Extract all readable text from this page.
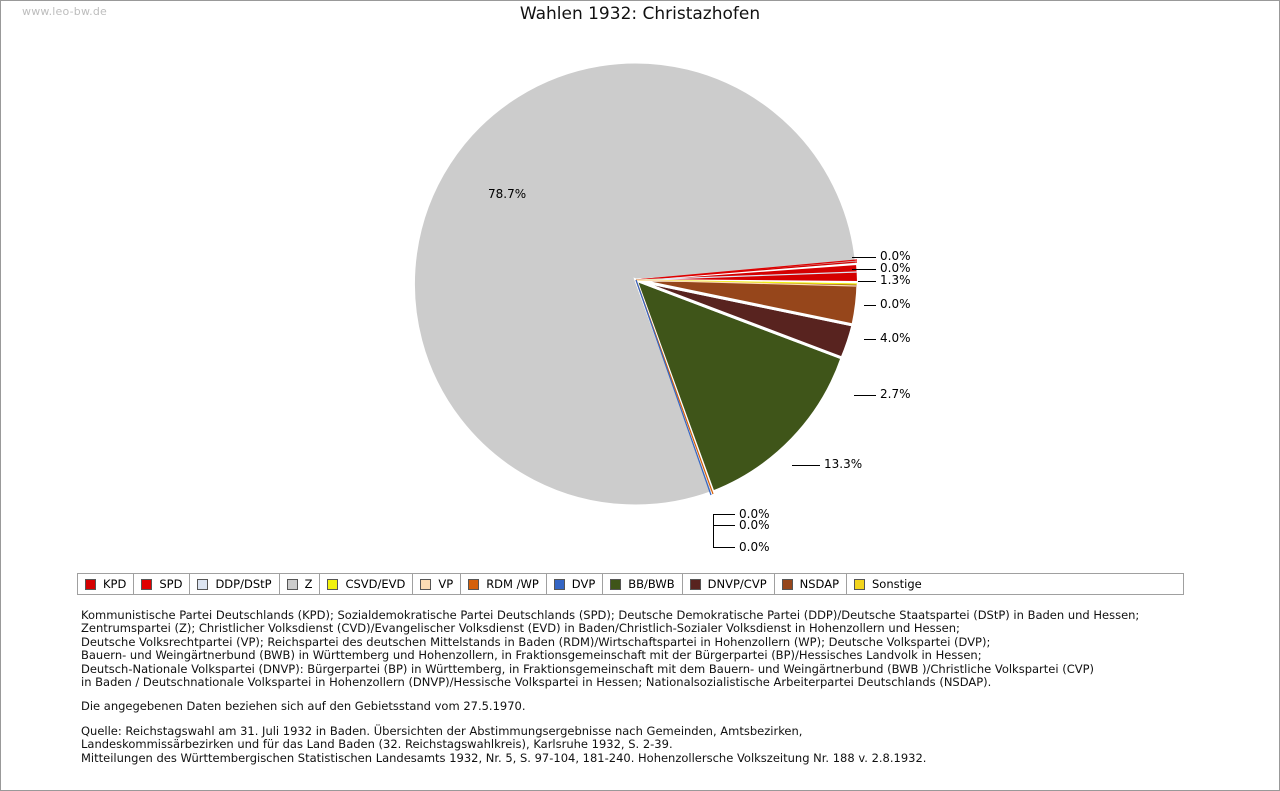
www.leo-bw.de	Wahlen 1932: Christazhofen
78.7%
0.0%
0.0%
1.3%
0.0%
4.0%
2.7%
13.3%
0.0%
0.0%
0.0%
KPD	SPD	DDP/DStP	Z	CSVD/EVD	VP	RDM /WP	DVP	BB/BWB	DNVP/CVP	NSDAP	Sonstige
Kommunistische Partei Deutschlands (KPD); Sozialdemokratische Partei Deutschlands (SPD); Deutsche Demokratische Partei (DDP)/Deutsche Staatspartei (DStP) in Baden und Hessen;
Zentrumspartei (Z); Christlicher Volksdienst (CVD)/Evangelischer Volksdienst (EVD) in Baden/Christlich-Sozialer Volksdienst in Hohenzollern und Hessen;
Deutsche Volksrechtpartei (VP); Reichspartei des deutschen Mittelstands in Baden (RDM)/Wirtschaftspartei in Hohenzollern (WP); Deutsche Volkspartei (DVP);
Bauern- und Weingärtnerbund (BWB) in Württemberg und Hohenzollern, in Fraktionsgemeinschaft mit der Bürgerpartei (BP)/Hessisches Landvolk in Hessen;
Deutsch-Nationale Volkspartei (DNVP): Bürgerpartei (BP) in Württemberg, in Fraktionsgemeinschaft mit dem Bauern- und Weingärtnerbund (BWB )/Christliche Volkspartei (CVP)
in Baden / Deutschnationale Volkspartei in Hohenzollern (DNVP)/Hessische Volkspartei in Hessen; Nationalsozialistische Arbeiterpartei Deutschlands (NSDAP).
Die angegebenen Daten beziehen sich auf den Gebietsstand vom 27.5.1970.
Quelle: Reichstagswahl am 31. Juli 1932 in Baden. Übersichten der Abstimmungsergebnisse nach Gemeinden, Amtsbezirken,
Landeskommissärbezirken und für das Land Baden (32. Reichstagswahlkreis), Karlsruhe 1932, S. 2-39.
Mitteilungen des Württembergischen Statistischen Landesamts 1932, Nr. 5, S. 97-104, 181-240. Hohenzollersche Volkszeitung Nr. 188 v. 2.8.1932.
